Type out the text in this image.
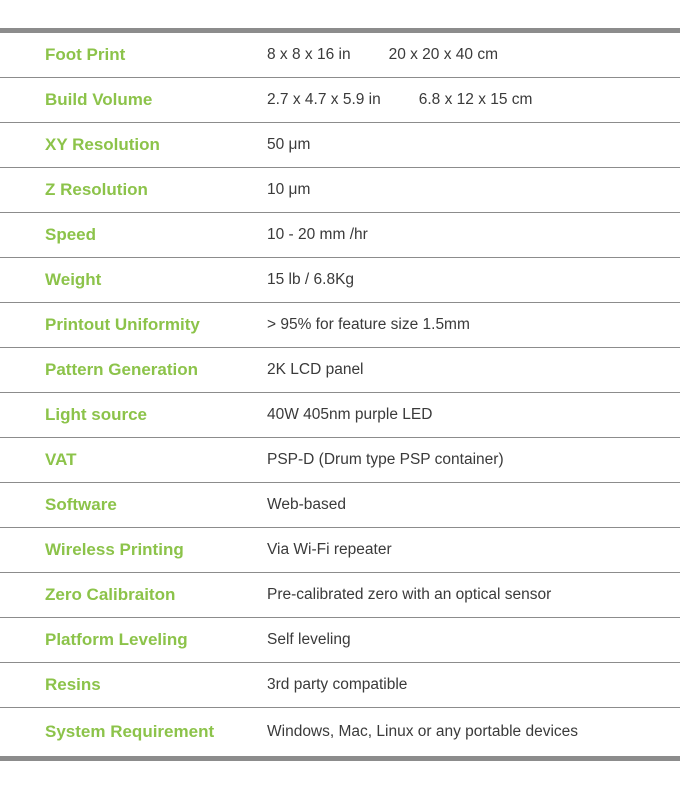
Foot Print	8 x 8 x 16 in 20 x 20 x 40 cm
Build Volume	2.7 x 4.7 x 5.9 in 6.8 x 12 x 15 cm
XY Resolution	50 μm
Z Resolution	10 μm
Speed	10 - 20 mm /hr
Weight	15 lb / 6.8Kg
Printout Uniformity	> 95% for feature size 1.5mm
Pattern Generation	2K LCD panel
Light source	40W 405nm purple LED
VAT	PSP-D (Drum type PSP container)
Software	Web-based
Wireless Printing	Via Wi-Fi repeater
Zero Calibraiton	Pre-calibrated zero with an optical sensor
Platform Leveling	Self leveling
Resins	3rd party compatible
System Requirement	Windows, Mac, Linux or any portable devices
